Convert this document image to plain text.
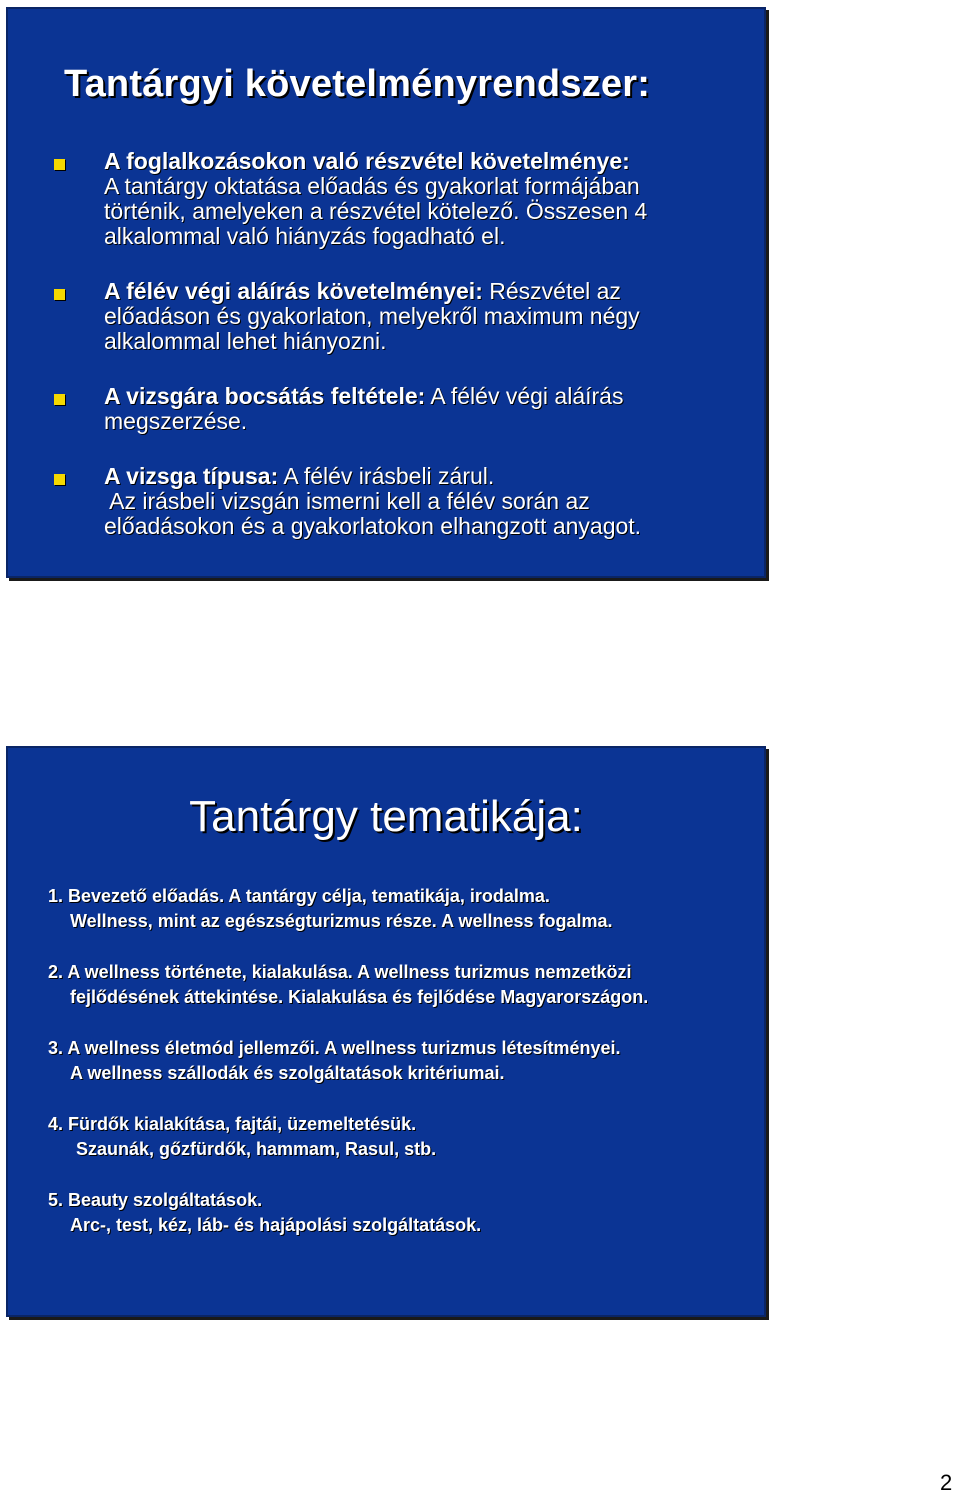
Tantárgyi követelményrendszer:
A foglalkozásokon való részvétel követelménye:
A tantárgy oktatása előadás és gyakorlat formájában
történik, amelyeken a részvétel kötelező. Összesen 4
alkalommal való hiányzás fogadható el.
A félév végi aláírás követelményei: Részvétel az
előadáson és gyakorlaton, melyekről maximum négy
alkalommal lehet hiányozni.
A vizsgára bocsátás feltétele: A félév végi aláírás
megszerzése.
A vizsga típusa: A félév irásbeli zárul.
Az irásbeli vizsgán ismerni kell a félév során az
előadásokon és a gyakorlatokon elhangzott anyagot.
Tantárgy tematikája:
1. Bevezető előadás. A tantárgy célja, tematikája, irodalma.
Wellness, mint az egészségturizmus része. A wellness fogalma.
2. A wellness története, kialakulása. A wellness turizmus nemzetközi
fejlődésének áttekintése. Kialakulása és fejlődése Magyarországon.
3. A wellness életmód jellemzői. A wellness turizmus létesítményei.
A wellness szállodák és szolgáltatások kritériumai.
4. Fürdők kialakítása, fajtái, üzemeltetésük.
Szaunák, gőzfürdők, hammam, Rasul, stb.
5. Beauty szolgáltatások.
Arc-, test, kéz, láb- és hajápolási szolgáltatások.
2
